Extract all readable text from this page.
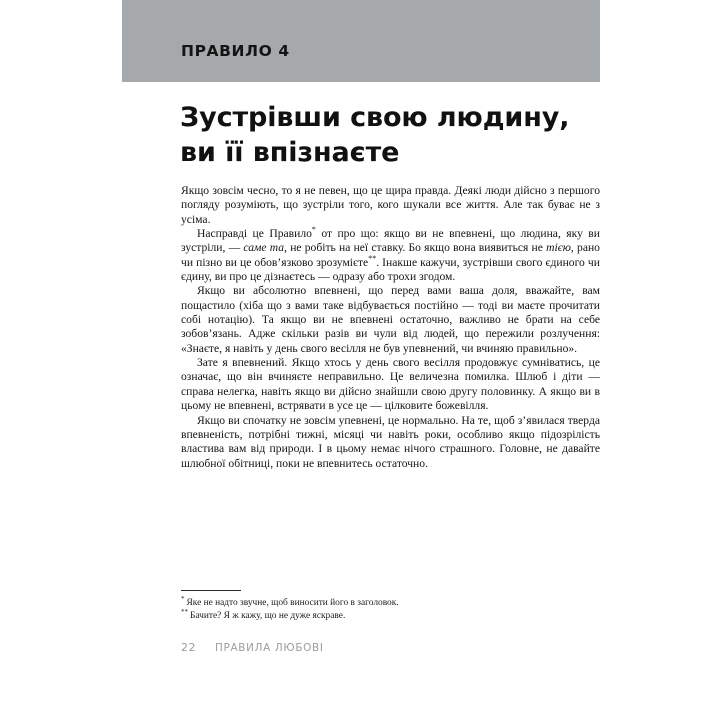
ПРАВИЛО 4
Зустрівши свою людину,
ви її впізнаєте

Якщо зовсім чесно, то я не певен, що це щира правда. Деякі люди дійсно з першого погляду розуміють, що зустріли того, кого шукали все життя. Але так буває не з усіма.

Насправді це Правило* от про що: якщо ви не впевнені, що людина, яку ви зустріли, — саме та, не робіть на неї ставку. Бо якщо вона виявиться не тією, рано чи пізно ви це обов’язково зрозумієте**. Інакше кажучи, зустрівши свого єдиного чи єдину, ви про це дізнаєтесь — одразу або трохи згодом.

Якщо ви абсолютно впевнені, що перед вами ваша доля, вважайте, вам пощастило (хіба що з вами таке відбувається постійно — тоді ви маєте прочитати собі нотацію). Та якщо ви не впевнені остаточно, важливо не брати на себе зобов’язань. Адже скільки разів ви чули від людей, що пережили розлучення: «Знаєте, я навіть у день свого весілля не був упевнений, чи вчиняю правильно».

Зате я впевнений. Якщо хтось у день свого весілля продовжує сумніватись, це означає, що він вчиняєте неправильно. Це величезна помилка. Шлюб і діти — справа нелегка, навіть якщо ви дійсно знайшли свою другу половинку. А якщо ви в цьому не впевнені, встрявати в усе це — цілковите божевілля.

Якщо ви спочатку не зовсім упевнені, це нормально. На те, щоб з’явилася тверда впевненість, потрібні тижні, місяці чи навіть роки, особливо якщо підозрілість властива вам від природи. І в цьому немає нічого страшного. Головне, не давайте шлюбної обітниці, поки не впевнитесь остаточно.

* Яке не надто звучне, щоб виносити його в заголовок.
** Бачите? Я ж кажу, що не дуже яскраве.
22	ПРАВИЛА ЛЮБОВІ
